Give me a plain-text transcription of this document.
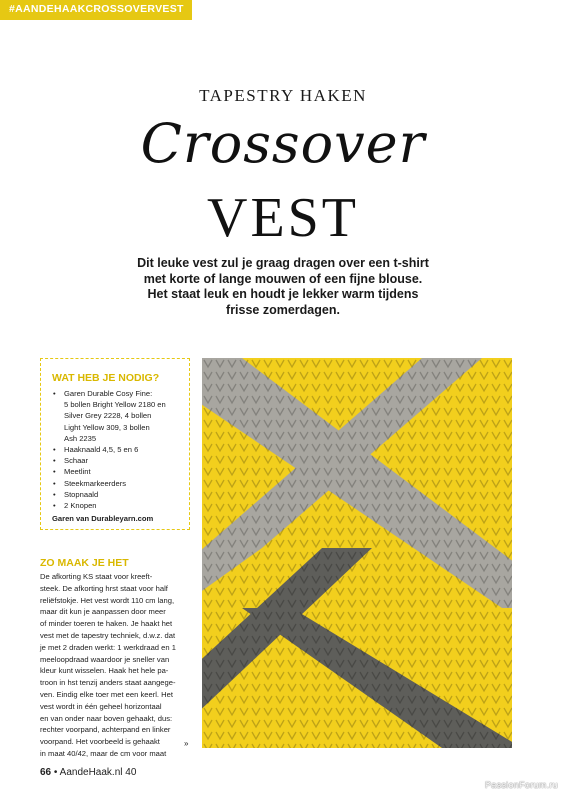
#AANDEHAAKCROSSOVERVEST
TAPESTRY HAKEN
Crossover
VEST
Dit leuke vest zul je graag dragen over een t-shirt
met korte of lange mouwen of een fijne blouse.
Het staat leuk en houdt je lekker warm tijdens
frisse zomerdagen.
WAT HEB JE NODIG?
• Garen Durable Cosy Fine:
5 bollen Bright Yellow 2180 en
Silver Grey 2228, 4 bollen
Light Yellow 309, 3 bollen
Ash 2235
• Haaknaald 4,5, 5 en 6
• Schaar
• Meetlint
• Steekmarkeerders
• Stopnaald
• 2 Knopen
Garen van Durableyarn.com
ZO MAAK JE HET
De afkorting KS staat voor kreeft-
steek. De afkorting hrst staat voor half
reliëfstokje. Het vest wordt 110 cm lang,
maar dit kun je aanpassen door meer
of minder toeren te haken. Je haakt het
vest met de tapestry techniek, d.w.z. dat
je met 2 draden werkt: 1 werkdraad en 1
meeloopdraad waardoor je sneller van
kleur kunt wisselen. Haak het hele pa-
troon in hst tenzij anders staat aangege-
ven. Eindig elke toer met een keerl. Het
vest wordt in één geheel horizontaal
en van onder naar boven gehaakt, dus:
rechter voorpand, achterpand en linker
voorpand. Het voorbeeld is gehaakt
in maat 40/42, maar de cm voor maat
»
66 • AandeHaak.nl 40
PassionForum.ru
